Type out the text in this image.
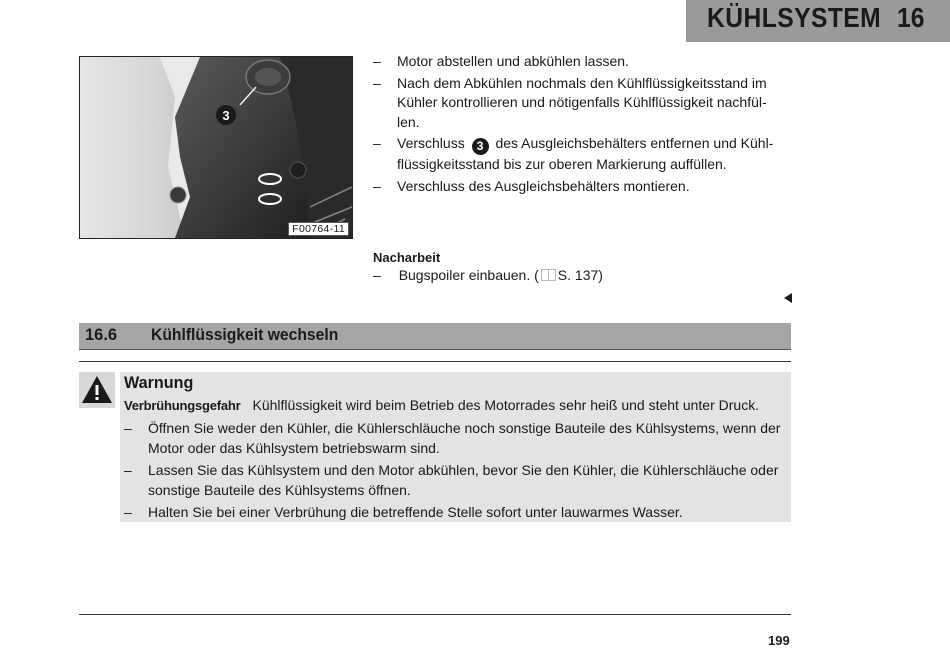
KÜHLSYSTEM 16
3
F00764-11
– Motor abstellen und abkühlen lassen.
– Nach dem Abkühlen nochmals den Kühlflüssigkeitsstand im Kühler kontrollieren und nötigenfalls Kühlflüssigkeit nachfül-len.
– Verschluss 3 des Ausgleichsbehälters entfernen und Kühl-flüssigkeitsstand bis zur oberen Markierung auffüllen.
– Verschluss des Ausgleichsbehälters montieren.
Nacharbeit
– Bugspoiler einbauen. ( S. 137)
16.6 Kühlflüssigkeit wechseln
Warnung
Verbrühungsgefahr Kühlflüssigkeit wird beim Betrieb des Motorrades sehr heiß und steht unter Druck.
– Öffnen Sie weder den Kühler, die Kühlerschläuche noch sonstige Bauteile des Kühlsystems, wenn der Motor oder das Kühlsystem betriebswarm sind.
– Lassen Sie das Kühlsystem und den Motor abkühlen, bevor Sie den Kühler, die Kühlerschläuche oder sonstige Bauteile des Kühlsystems öffnen.
– Halten Sie bei einer Verbrühung die betreffende Stelle sofort unter lauwarmes Wasser.
199
